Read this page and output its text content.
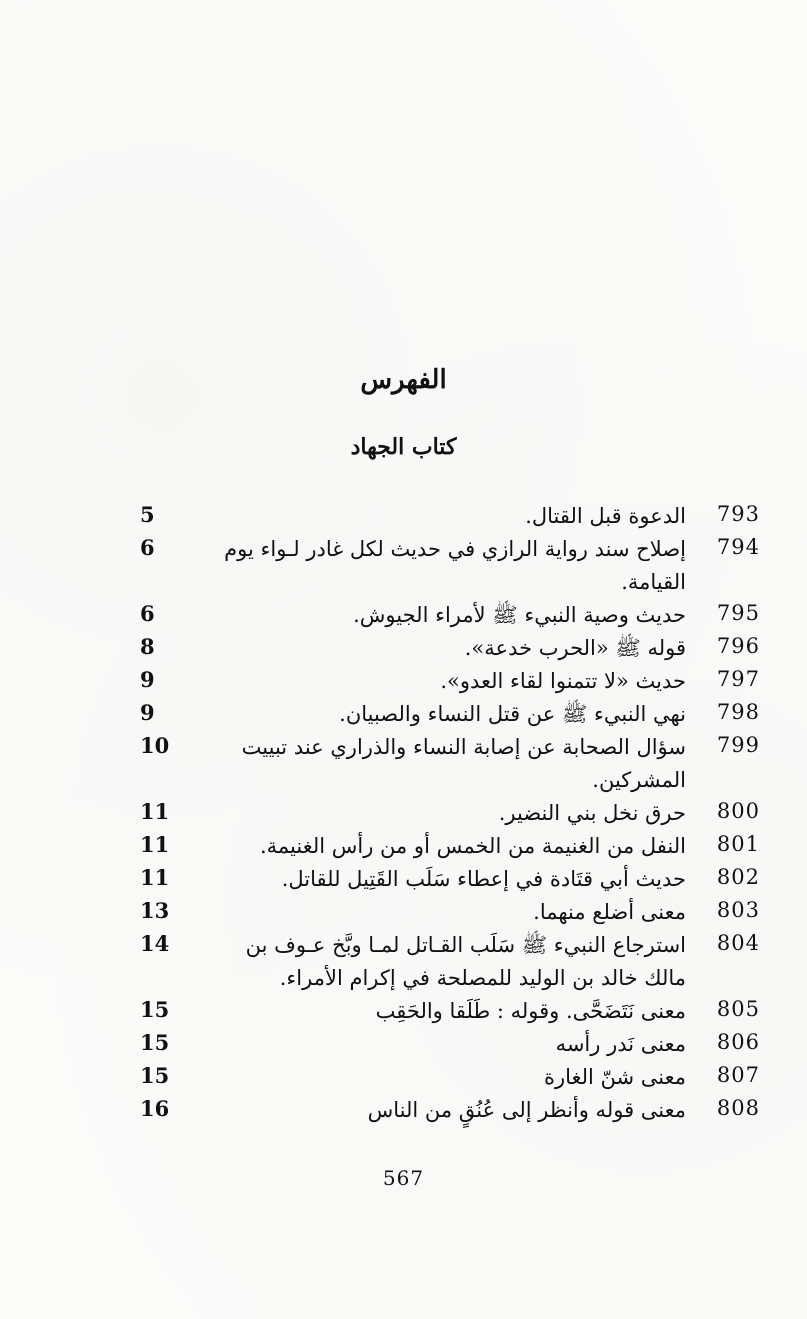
الفهرس
كتاب الجهاد
793
الدعوة قبل القتال.
5
794
إصلاح سند رواية الرازي في حديث لكل غادر لـواء يوم القيامة.
6
795
حديث وصية النبيء ﷺ لأمراء الجيوش.
6
796
قوله ﷺ «الحرب خدعة».
8
797
حديث «لا تتمنوا لقاء العدو».
9
798
نهي النبيء ﷺ عن قتل النساء والصبيان.
9
799
سؤال الصحابة عن إصابة النساء والذراري عند تبييت المشركين.
10
800
حرق نخل بني النضير.
11
801
النفل من الغنيمة من الخمس أو من رأس الغنيمة.
11
802
حديث أبي قتَادة في إعطاء سَلَب القَتِيل للقاتل.
11
803
معنى أضلع منهما.
13
804
استرجاع النبيء ﷺ سَلَب القـاتل لمـا وبَّخ عـوف بن مالك خالد بن الوليد للمصلحة في إكرام الأمراء.
14
805
معنى نَتَضَحَّى. وقوله : طَلَقا والحَقِب
15
806
معنى نَدر رأسه
15
807
معنى شنّ الغارة
15
808
معنى قوله وأنظر إلى عُنُقٍ من الناس
16
567
